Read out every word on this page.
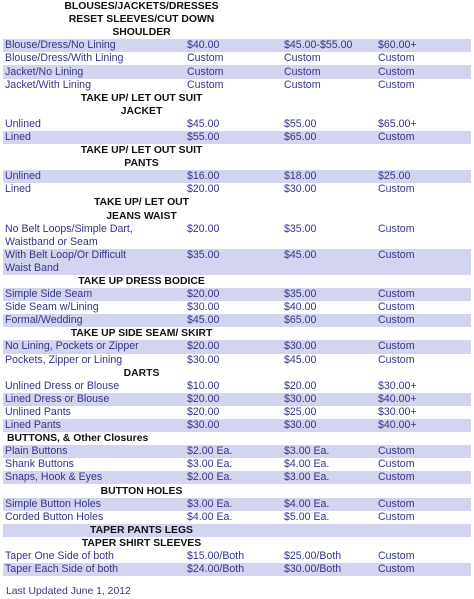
BLOUSES/JACKETS/DRESSES			
RESET SLEEVES/CUT DOWN			
SHOULDER			
Blouse/Dress/No Lining	$40.00	$45.00-$55.00	$60.00+
Blouse/Dress/With Lining	Custom	Custom	Custom
Jacket/No Lining	Custom	Custom	Custom
Jacket/With Lining	Custom	Custom	Custom
TAKE UP/ LET OUT SUIT			
JACKET			
Unlined	$45.00	$55.00	$65.00+
Lined	$55.00	$65.00	Custom
TAKE UP/ LET OUT SUIT			
PANTS			
Unlined	$16.00	$18.00	$25.00
Lined	$20.00	$30.00	Custom
TAKE UP/ LET OUT			
JEANS WAIST			
No Belt Loops/Simple Dart,	$20.00	$35.00	Custom
Waistband or Seam			
With Belt Loop/Or Difficult	$35.00	$45.00	Custom
Waist Band			
TAKE UP DRESS BODICE			
Simple Side Seam	$20.00	$35.00	Custom
Side Seam w/Lining	$30.00	$40.00	Custom
Formal/Wedding	$45.00	$65.00	Custom
TAKE UP SIDE SEAM/ SKIRT			
No Lining, Pockets or Zipper	$20.00	$30.00	Custom
Pockets, Zipper or Lining	$30.00	$45.00	Custom
DARTS			
Unlined Dress or Blouse	$10.00	$20.00	$30.00+
Lined Dress or Blouse	$20.00	$30.00	$40.00+
Unlined Pants	$20.00	$25.00	$30.00+
Lined Pants	$30.00	$30.00	$40.00+
BUTTONS, & Other Closures			
Plain Buttons	$2.00 Ea.	$3.00 Ea.	Custom
Shank Buttons	$3.00 Ea.	$4.00 Ea.	Custom
Snaps, Hook & Eyes	$2.00 Ea.	$3.00 Ea.	Custom
BUTTON HOLES			
Simple Button Holes	$3.00 Ea.	$4.00 Ea.	Custom
Corded Button Holes	$4.00 Ea.	$5.00 Ea.	Custom
TAPER PANTS LEGS			
TAPER SHIRT SLEEVES			
Taper One Side of both	$15.00/Both	$25.00/Both	Custom
Taper Each Side of both	$24.00/Both	$30.00/Both	Custom
Last Updated June 1, 2012
